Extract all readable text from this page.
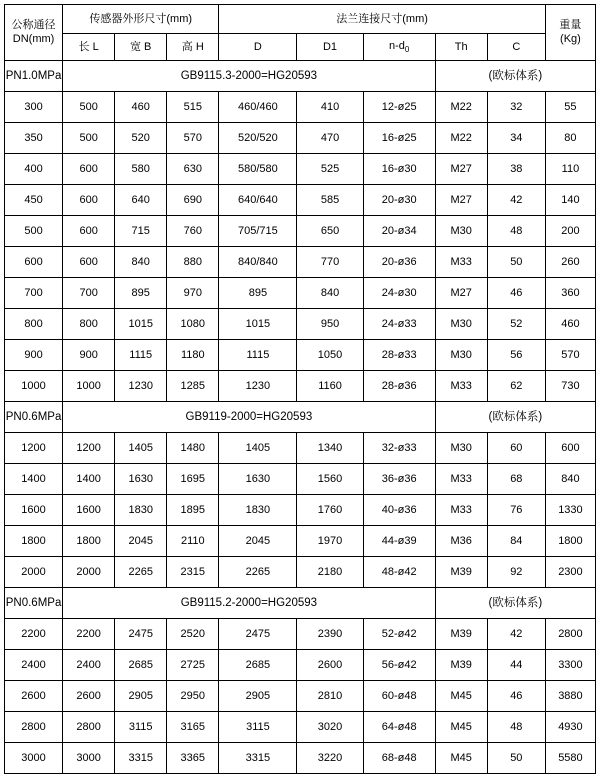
公称通径
DN(mm)	传感器外形尺寸(mm)			法兰连接尺寸(mm)					重量
(Kg)

	长 L	宽 B	高 H	D	D1	$n-d_0$	Th	C	
PN1.0MPa	GB9115.3-2000=HG20593						(欧标体系)		
300	500	460	515	460/460	410	12-ø25	M22	32	55
350	500	520	570	520/520	470	16-ø25	M22	34	80
400	600	580	630	580/580	525	16-ø30	M27	38	110
450	600	640	690	640/640	585	20-ø30	M27	42	140
500	600	715	760	705/715	650	20-ø34	M30	48	200
600	600	840	880	840/840	770	20-ø36	M33	50	260
700	700	895	970	895	840	24-ø30	M27	46	360
800	800	1015	1080	1015	950	24-ø33	M30	52	460
900	900	1115	1180	1115	1050	28-ø33	M30	56	570
1000	1000	1230	1285	1230	1160	28-ø36	M33	62	730
PN0.6MPa	GB9119-2000=HG20593						(欧标体系)		
1200	1200	1405	1480	1405	1340	32-ø33	M30	60	600
1400	1400	1630	1695	1630	1560	36-ø36	M33	68	840
1600	1600	1830	1895	1830	1760	40-ø36	M33	76	1330
1800	1800	2045	2110	2045	1970	44-ø39	M36	84	1800
2000	2000	2265	2315	2265	2180	48-ø42	M39	92	2300
PN0.6MPa	GB9115.2-2000=HG20593						(欧标体系)		
2200	2200	2475	2520	2475	2390	52-ø42	M39	42	2800
2400	2400	2685	2725	2685	2600	56-ø42	M39	44	3300
2600	2600	2905	2950	2905	2810	60-ø48	M45	46	3880
2800	2800	3115	3165	3115	3020	64-ø48	M45	48	4930
3000	3000	3315	3365	3315	3220	68-ø48	M45	50	5580
